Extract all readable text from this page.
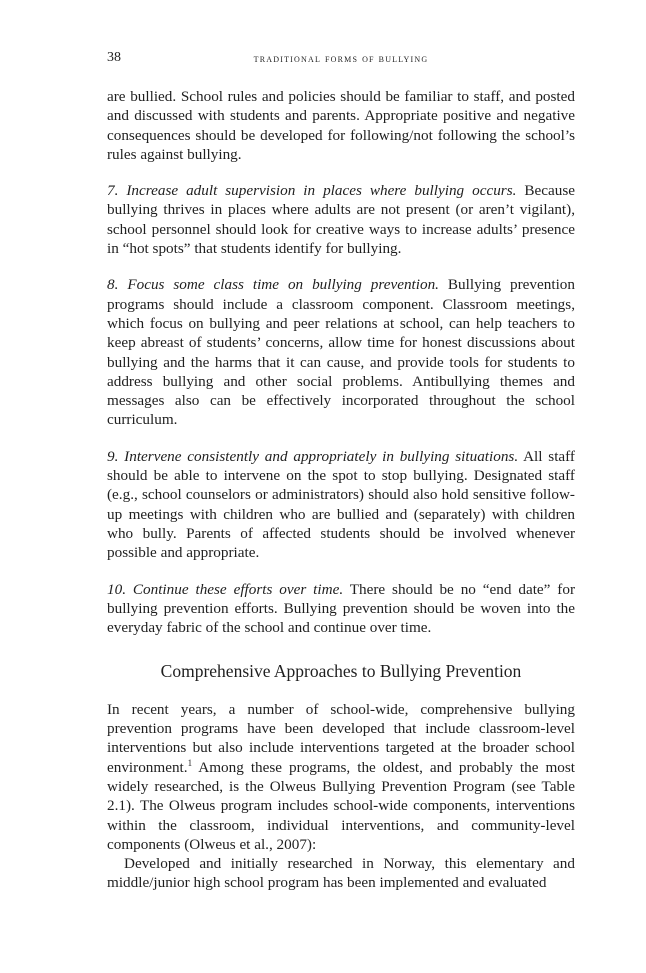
38	traditional forms of bullying

are bullied. School rules and policies should be familiar to staff, and posted and discussed with students and parents. Appropriate positive and negative consequences should be developed for following/not following the school’s rules against bullying.

7. Increase adult supervision in places where bullying occurs. Because bullying thrives in places where adults are not present (or aren’t vigilant), school personnel should look for creative ways to increase adults’ presence in “hot spots” that students identify for bullying.

8. Focus some class time on bullying prevention. Bullying prevention programs should include a classroom component. Classroom meetings, which focus on bullying and peer relations at school, can help teachers to keep abreast of students’ concerns, allow time for honest discussions about bullying and the harms that it can cause, and provide tools for students to address bullying and other social problems. Antibullying themes and messages also can be effectively incorporated throughout the school curriculum.

9. Intervene consistently and appropriately in bullying situations. All staff should be able to intervene on the spot to stop bullying. Designated staff (e.g., school counselors or administrators) should also hold sensitive follow-up meetings with children who are bullied and (separately) with children who bully. Parents of affected students should be involved whenever possible and appropriate.

10. Continue these efforts over time. There should be no “end date” for bullying prevention efforts. Bullying prevention should be woven into the everyday fabric of the school and continue over time.

Comprehensive Approaches to Bullying Prevention

In recent years, a number of school-wide, comprehensive bullying prevention programs have been developed that include classroom-level interventions but also include interventions targeted at the broader school environment.$^1$ Among these programs, the oldest, and probably the most widely researched, is the Olweus Bullying Prevention Program (see Table 2.1). The Olweus program includes school-wide components, interventions within the classroom, individual interventions, and community-level components (Olweus et al., 2007):

Developed and initially researched in Norway, this elementary and middle/junior high school program has been implemented and evaluated
